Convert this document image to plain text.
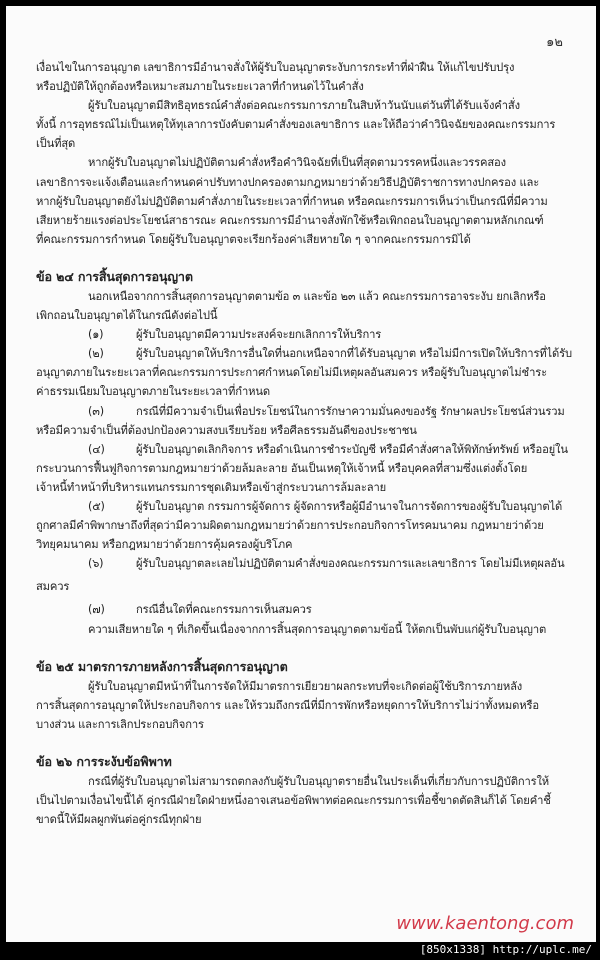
๑๒
เงื่อนไขในการอนุญาต เลขาธิการมีอำนาจสั่งให้ผู้รับใบอนุญาตระงับการกระทำที่ฝ่าฝืน ให้แก้ไขปรับปรุง
หรือปฏิบัติให้ถูกต้องหรือเหมาะสมภายในระยะเวลาที่กำหนดไว้ในคำสั่ง
ผู้รับใบอนุญาตมีสิทธิอุทธรณ์คำสั่งต่อคณะกรรมการภายในสิบห้าวันนับแต่วันที่ได้รับแจ้งคำสั่ง
ทั้งนี้ การอุทธรณ์ไม่เป็นเหตุให้ทุเลาการบังคับตามคำสั่งของเลขาธิการ และให้ถือว่าคำวินิจฉัยของคณะกรรมการ
เป็นที่สุด
หากผู้รับใบอนุญาตไม่ปฏิบัติตามคำสั่งหรือคำวินิจฉัยที่เป็นที่สุดตามวรรคหนึ่งและวรรคสอง
เลขาธิการจะแจ้งเตือนและกำหนดค่าปรับทางปกครองตามกฎหมายว่าด้วยวิธีปฏิบัติราชการทางปกครอง และ
หากผู้รับใบอนุญาตยังไม่ปฏิบัติตามคำสั่งภายในระยะเวลาที่กำหนด หรือคณะกรรมการเห็นว่าเป็นกรณีที่มีความ
เสียหายร้ายแรงต่อประโยชน์สาธารณะ คณะกรรมการมีอำนาจสั่งพักใช้หรือเพิกถอนใบอนุญาตตามหลักเกณฑ์
ที่คณะกรรมการกำหนด โดยผู้รับใบอนุญาตจะเรียกร้องค่าเสียหายใด ๆ จากคณะกรรมการมิได้
ข้อ ๒๔ การสิ้นสุดการอนุญาต
นอกเหนือจากการสิ้นสุดการอนุญาตตามข้อ ๓ และข้อ ๒๓ แล้ว คณะกรรมการอาจระงับ ยกเลิกหรือ
เพิกถอนใบอนุญาตได้ในกรณีดังต่อไปนี้
(๑)	ผู้รับใบอนุญาตมีความประสงค์จะยกเลิกการให้บริการ
(๒)	ผู้รับใบอนุญาตให้บริการอื่นใดที่นอกเหนือจากที่ได้รับอนุญาต หรือไม่มีการเปิดให้บริการที่ได้รับ
อนุญาตภายในระยะเวลาที่คณะกรรมการประกาศกำหนดโดยไม่มีเหตุผลอันสมควร หรือผู้รับใบอนุญาตไม่ชำระ
ค่าธรรมเนียมใบอนุญาตภายในระยะเวลาที่กำหนด
(๓)	กรณีที่มีความจำเป็นเพื่อประโยชน์ในการรักษาความมั่นคงของรัฐ รักษาผลประโยชน์ส่วนรวม
หรือมีความจำเป็นที่ต้องปกป้องความสงบเรียบร้อย หรือศีลธรรมอันดีของประชาชน
(๔)	ผู้รับใบอนุญาตเลิกกิจการ หรือดำเนินการชำระบัญชี หรือมีคำสั่งศาลให้พิทักษ์ทรัพย์ หรืออยู่ใน
กระบวนการฟื้นฟูกิจการตามกฎหมายว่าด้วยล้มละลาย อันเป็นเหตุให้เจ้าหนี้ หรือบุคคลที่สามซึ่งแต่งตั้งโดย
เจ้าหนี้ทำหน้าที่บริหารแทนกรรมการชุดเดิมหรือเข้าสู่กระบวนการล้มละลาย
(๕)	ผู้รับใบอนุญาต กรรมการผู้จัดการ ผู้จัดการหรือผู้มีอำนาจในการจัดการของผู้รับใบอนุญาตได้
ถูกศาลมีคำพิพากษาถึงที่สุดว่ามีความผิดตามกฎหมายว่าด้วยการประกอบกิจการโทรคมนาคม กฎหมายว่าด้วย
วิทยุคมนาคม หรือกฎหมายว่าด้วยการคุ้มครองผู้บริโภค
(๖)	ผู้รับใบอนุญาตละเลยไม่ปฏิบัติตามคำสั่งของคณะกรรมการและเลขาธิการ โดยไม่มีเหตุผลอัน
สมควร
(๗)	กรณีอื่นใดที่คณะกรรมการเห็นสมควร
ความเสียหายใด ๆ ที่เกิดขึ้นเนื่องจากการสิ้นสุดการอนุญาตตามข้อนี้ ให้ตกเป็นพับแก่ผู้รับใบอนุญาต
ข้อ ๒๕ มาตรการภายหลังการสิ้นสุดการอนุญาต
ผู้รับใบอนุญาตมีหน้าที่ในการจัดให้มีมาตรการเยียวยาผลกระทบที่จะเกิดต่อผู้ใช้บริการภายหลัง
การสิ้นสุดการอนุญาตให้ประกอบกิจการ และให้รวมถึงกรณีที่มีการพักหรือหยุดการให้บริการไม่ว่าทั้งหมดหรือ
บางส่วน และการเลิกประกอบกิจการ
ข้อ ๒๖ การระงับข้อพิพาท
กรณีที่ผู้รับใบอนุญาตไม่สามารถตกลงกับผู้รับใบอนุญาตรายอื่นในประเด็นที่เกี่ยวกับการปฏิบัติการให้
เป็นไปตามเงื่อนไขนี้ได้ คู่กรณีฝ่ายใดฝ่ายหนึ่งอาจเสนอข้อพิพาทต่อคณะกรรมการเพื่อชี้ขาดตัดสินก็ได้ โดยคำชี้
ขาดนี้ให้มีผลผูกพันต่อคู่กรณีทุกฝ่าย
www.kaentong.com
[850x1338] http://uplc.me/
